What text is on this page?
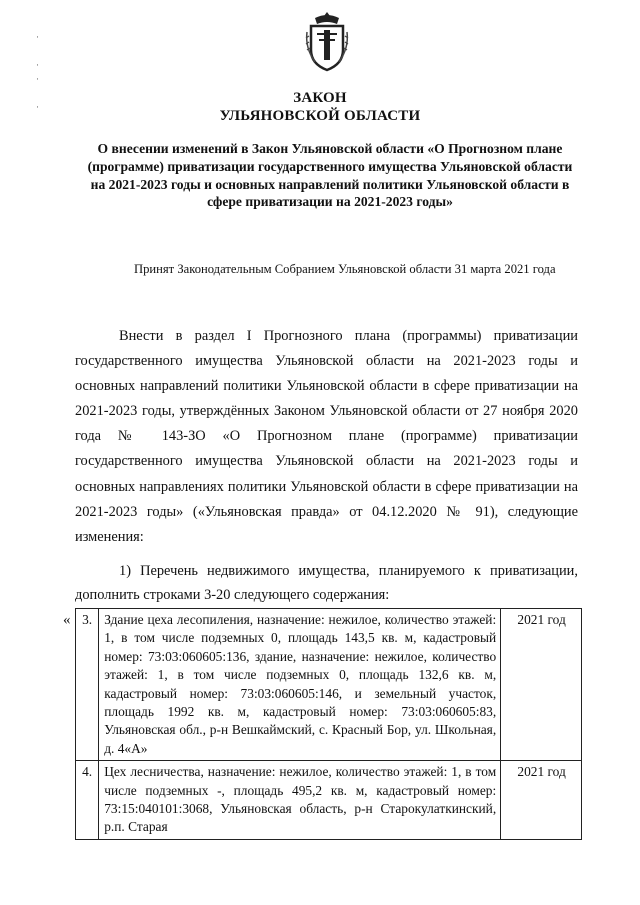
·

·
·

·
ЗАКОН
УЛЬЯНОВСКОЙ ОБЛАСТИ
О внесении изменений в Закон Ульяновской области «О Прогнозном плане (программе) приватизации государственного имущества Ульяновской области на 2021-2023 годы и основных направлений политики Ульяновской области в сфере приватизации на 2021-2023 годы»
Принят Законодательным Собранием Ульяновской области 31 марта 2021 года
Внести в раздел I Прогнозного плана (программы) приватизации государственного имущества Ульяновской области на 2021-2023 годы и основных направлений политики Ульяновской области в сфере приватизации на 2021-2023 годы, утверждённых Законом Ульяновской области от 27 ноября 2020 года № 143-ЗО «О Прогнозном плане (программе) приватизации государственного имущества Ульяновской области на 2021-2023 годы и основных направлениях политики Ульяновской области в сфере приватизации на 2021-2023 годы» («Ульяновская правда» от 04.12.2020 № 91), следующие изменения:
1) Перечень недвижимого имущества, планируемого к приватизации, дополнить строками 3-20 следующего содержания:
« 3.	Здание цеха лесопиления, назначение: нежилое, количество этажей: 1, в том числе подземных 0, площадь 143,5 кв. м, кадастровый номер: 73:03:060605:136, здание, назначение: нежилое, количество этажей: 1, в том числе подземных 0, площадь 132,6 кв. м, кадастровый номер: 73:03:060605:146, и земельный участок, площадь 1992 кв. м, кадастровый номер: 73:03:060605:83, Ульяновская обл., р-н Вешкаймский, с. Красный Бор, ул. Школьная, д. 4«А»	2021 год
4.	Цех лесничества, назначение: нежилое, количество этажей: 1, в том числе подземных -, площадь 495,2 кв. м, кадастровый номер: 73:15:040101:3068, Ульяновская область, р-н Старокулаткинский, р.п. Старая	2021 год
